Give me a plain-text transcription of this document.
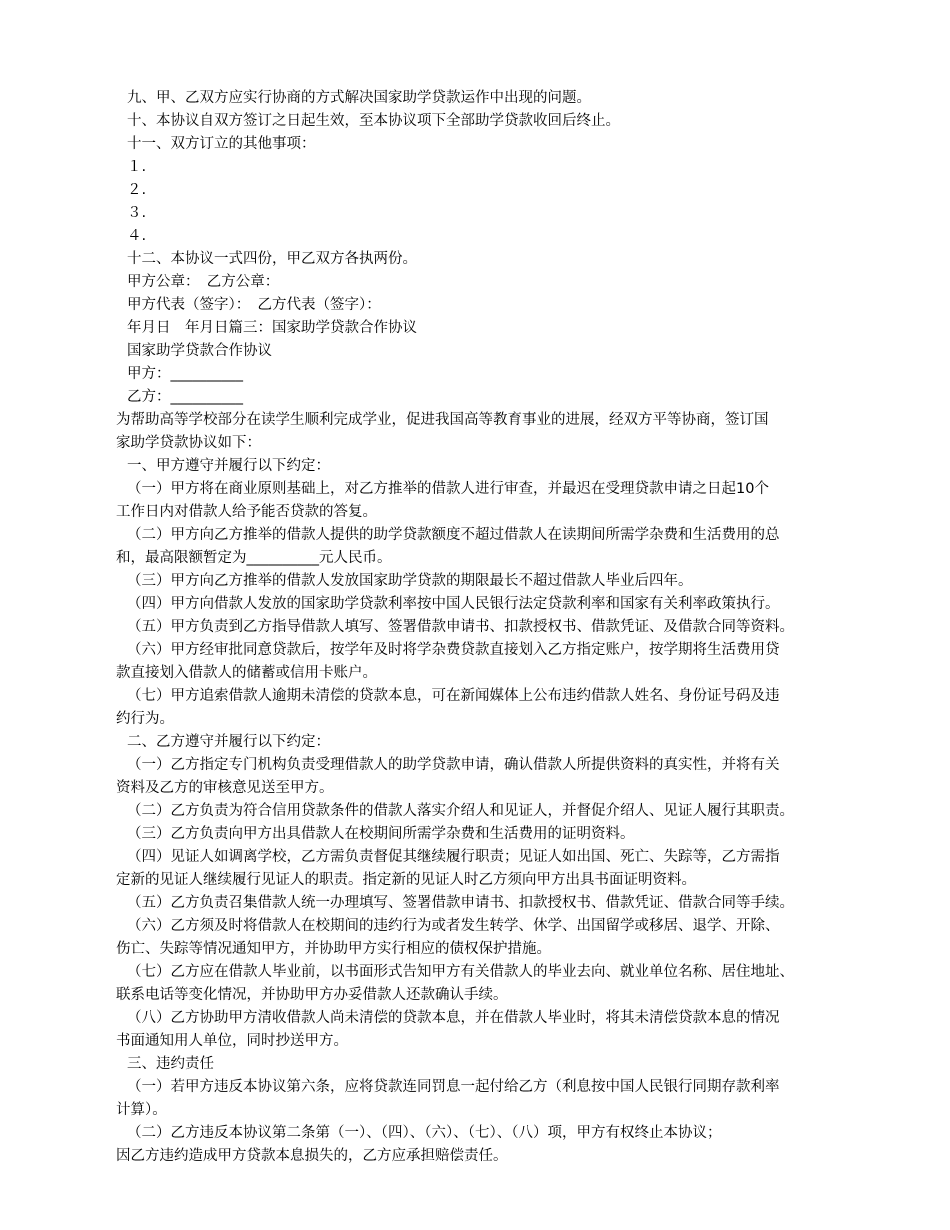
九、甲、乙双方应实行协商的方式解决国家助学贷款运作中出现的问题。
十、本协议自双方签订之日起生效，至本协议项下全部助学贷款收回后终止。
十一、双方订立的其他事项：
１.
２.
３.
４.
十二、本协议一式四份，甲乙双方各执两份。
甲方公章：　乙方公章：
甲方代表（签字）：　乙方代表（签字）：
年月日　年月日篇三：国家助学贷款合作协议
国家助学贷款合作协议
甲方：__________
乙方：__________
为帮助高等学校部分在读学生顺利完成学业，促进我国高等教育事业的进展，经双方平等协商，签订国
家助学贷款协议如下：
一、甲方遵守并履行以下约定：
（一）甲方将在商业原则基础上，对乙方推举的借款人进行审查，并最迟在受理贷款申请之日起10个
工作日内对借款人给予能否贷款的答复。
（二）甲方向乙方推举的借款人提供的助学贷款额度不超过借款人在读期间所需学杂费和生活费用的总
和，最高限额暂定为__________元人民币。
（三）甲方向乙方推举的借款人发放国家助学贷款的期限最长不超过借款人毕业后四年。
（四）甲方向借款人发放的国家助学贷款利率按中国人民银行法定贷款利率和国家有关利率政策执行。
（五）甲方负责到乙方指导借款人填写、签署借款申请书、扣款授权书、借款凭证、及借款合同等资料。
（六）甲方经审批同意贷款后，按学年及时将学杂费贷款直接划入乙方指定账户，按学期将生活费用贷
款直接划入借款人的储蓄或信用卡账户。
（七）甲方追索借款人逾期未清偿的贷款本息，可在新闻媒体上公布违约借款人姓名、身份证号码及违
约行为。
二、乙方遵守并履行以下约定：
（一）乙方指定专门机构负责受理借款人的助学贷款申请，确认借款人所提供资料的真实性，并将有关
资料及乙方的审核意见送至甲方。
（二）乙方负责为符合信用贷款条件的借款人落实介绍人和见证人，并督促介绍人、见证人履行其职责。
（三）乙方负责向甲方出具借款人在校期间所需学杂费和生活费用的证明资料。
（四）见证人如调离学校，乙方需负责督促其继续履行职责；见证人如出国、死亡、失踪等，乙方需指
定新的见证人继续履行见证人的职责。指定新的见证人时乙方须向甲方出具书面证明资料。
（五）乙方负责召集借款人统一办理填写、签署借款申请书、扣款授权书、借款凭证、借款合同等手续。
（六）乙方须及时将借款人在校期间的违约行为或者发生转学、休学、出国留学或移居、退学、开除、
伤亡、失踪等情况通知甲方，并协助甲方实行相应的债权保护措施。
（七）乙方应在借款人毕业前，以书面形式告知甲方有关借款人的毕业去向、就业单位名称、居住地址、
联系电话等变化情况，并协助甲方办妥借款人还款确认手续。
（八）乙方协助甲方清收借款人尚未清偿的贷款本息，并在借款人毕业时，将其未清偿贷款本息的情况
书面通知用人单位，同时抄送甲方。
三、违约责任
（一）若甲方违反本协议第六条，应将贷款连同罚息一起付给乙方（利息按中国人民银行同期存款利率
计算）。
（二）乙方违反本协议第二条第（一）、（四）、（六）、（七）、（八）项，甲方有权终止本协议；
因乙方违约造成甲方贷款本息损失的，乙方应承担赔偿责任。
